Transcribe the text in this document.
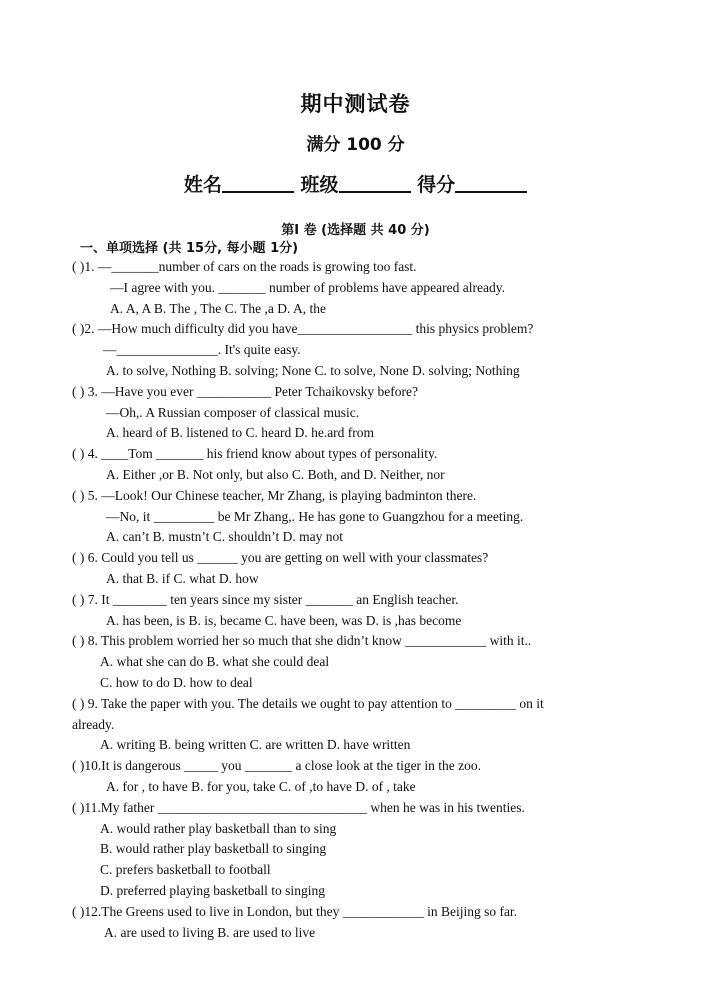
期中测试卷
满分 100 分
姓名	班级	得分
第I 卷 (选择题 共 40 分)
一、单项选择 (共 15分, 每小题 1分)
( )1. —_______number of cars on the roads is growing too fast.
—I agree with you. _______ number of problems have appeared already.
A. A, A B. The , The C. The ,a D. A, the
( )2. —How much difficulty did you have_________________ this physics problem?
—_______________. It's quite easy.
A. to solve, Nothing B. solving; None C. to solve, None D. solving; Nothing
( ) 3. —Have you ever ___________ Peter Tchaikovsky before?
—Oh,. A Russian composer of classical music.
A. heard of B. listened to C. heard D. he.ard from
( ) 4. ____Tom _______ his friend know about types of personality.
A. Either ,or B. Not only, but also C. Both, and D. Neither, nor
( ) 5. —Look! Our Chinese teacher, Mr Zhang, is playing badminton there.
—No, it _________ be Mr Zhang,. He has gone to Guangzhou for a meeting.
A. can’t B. mustn’t C. shouldn’t D. may not
( ) 6. Could you tell us ______ you are getting on well with your classmates?
A. that B. if C. what D. how
( ) 7. It ________ ten years since my sister _______ an English teacher.
A. has been, is B. is, became C. have been, was D. is ,has become
( ) 8. This problem worried her so much that she didn’t know ____________ with it..
A. what she can do B. what she could deal
C. how to do D. how to deal
( ) 9. Take the paper with you. The details we ought to pay attention to _________ on it
already.
A. writing B. being written C. are written D. have written
( )10.It is dangerous _____ you _______ a close look at the tiger in the zoo.
A. for , to have B. for you, take C. of ,to have D. of , take
( )11.My father _______________________________ when he was in his twenties.
A. would rather play basketball than to sing
B. would rather play basketball to singing
C. prefers basketball to football
D. preferred playing basketball to singing
( )12.The Greens used to live in London, but they ____________ in Beijing so far.
A. are used to living B. are used to live
